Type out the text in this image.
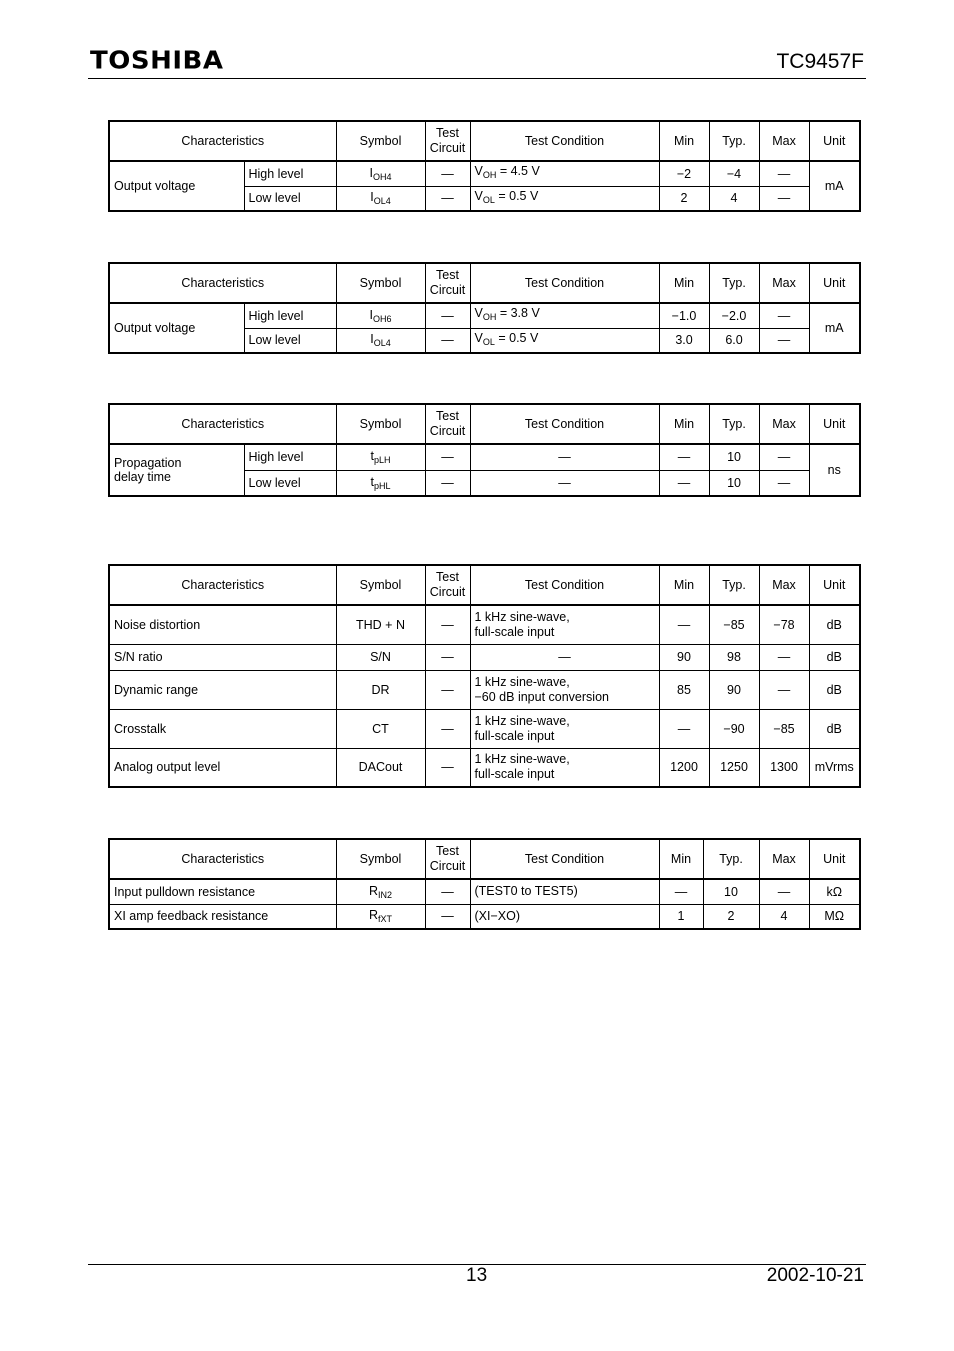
TOSHIBA	TC9457F
Characteristics		Symbol	Test
Circuit	Test Condition	Min	Typ.	Max	Unit
Output voltage	High level	$I_{OH4}$	—	$V_{OH} = 4.5$ V	−2	−4	—	mA
	Low level	$I_{OL4}$	—	$V_{OL} = 0.5$ V	2	4	—	
Characteristics		Symbol	Test
Circuit	Test Condition	Min	Typ.	Max	Unit
Output voltage	High level	$I_{OH6}$	—	$V_{OH} = 3.8$ V	−1.0	−2.0	—	mA
	Low level	$I_{OL4}$	—	$V_{OL} = 0.5$ V	3.0	6.0	—	
Characteristics		Symbol	Test
Circuit	Test Condition	Min	Typ.	Max	Unit
Propagation
delay time	High level	$t_{pLH}$	—	—	—	10	—	ns
	Low level	$t_{pHL}$	—	—	—	10	—	
Characteristics	Symbol	Test
Circuit	Test Condition	Min	Typ.	Max	Unit
Noise distortion	THD + N	—	1 kHz sine-wave,
full-scale input	—	−85	−78	dB
S/N ratio	S/N	—	—	90	98	—	dB
Dynamic range	DR	—	1 kHz sine-wave,
−60 dB input conversion	85	90	—	dB
Crosstalk	CT	—	1 kHz sine-wave,
full-scale input	—	−90	−85	dB
Analog output level	DACout	—	1 kHz sine-wave,
full-scale input	1200	1250	1300	mVrms
Characteristics	Symbol	Test
Circuit	Test Condition	Min	Typ.	Max	Unit
Input pulldown resistance	$R_{IN2}$	—	(TEST0 to TEST5)	—	10	—	kΩ
XI amp feedback resistance	$R_{fXT}$	—	(XI−XO)	1	2	4	MΩ
13	2002-10-21
